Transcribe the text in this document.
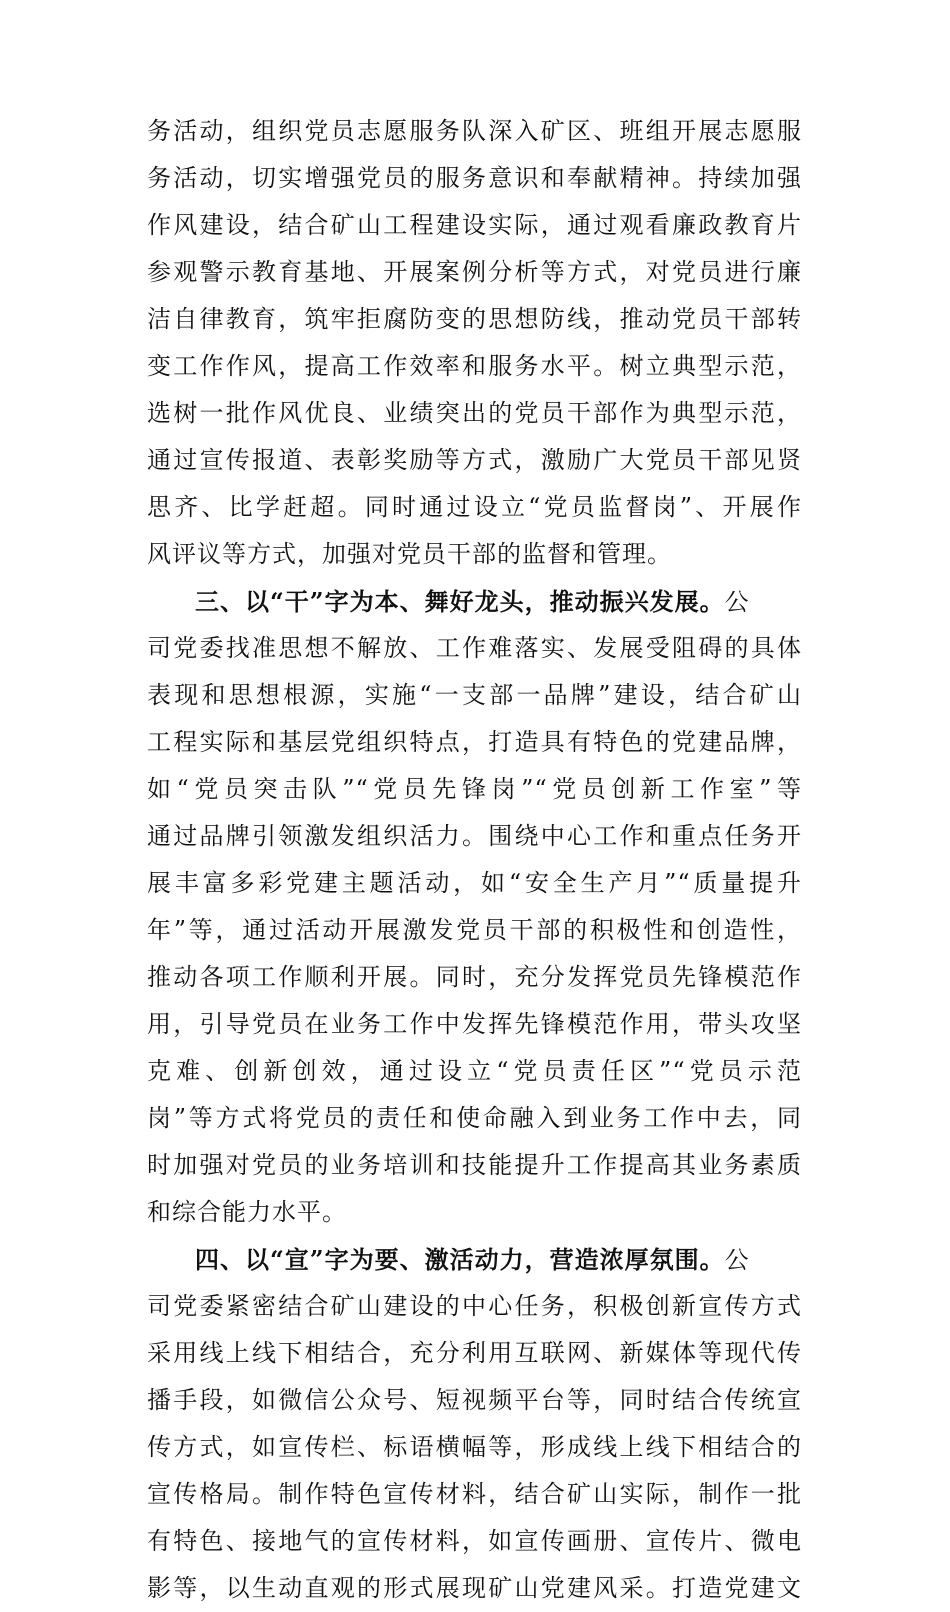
务活动，组织党员志愿服务队深入矿区、班组开展志愿服
务活动，切实增强党员的服务意识和奉献精神。持续加强
作风建设，结合矿山工程建设实际，通过观看廉政教育片
参观警示教育基地、开展案例分析等方式，对党员进行廉
洁自律教育，筑牢拒腐防变的思想防线，推动党员干部转
变工作作风，提高工作效率和服务水平。树立典型示范，
选树一批作风优良、业绩突出的党员干部作为典型示范，
通过宣传报道、表彰奖励等方式，激励广大党员干部见贤
思齐、比学赶超。同时通过设立“党员监督岗”、开展作
风评议等方式，加强对党员干部的监督和管理。
三、以“干”字为本、舞好龙头，推动振兴发展。公
司党委找准思想不解放、工作难落实、发展受阻碍的具体
表现和思想根源，实施“一支部一品牌”建设，结合矿山
工程实际和基层党组织特点，打造具有特色的党建品牌，
如“党员突击队”“党员先锋岗”“党员创新工作室”等
通过品牌引领激发组织活力。围绕中心工作和重点任务开
展丰富多彩党建主题活动，如“安全生产月”“质量提升
年”等，通过活动开展激发党员干部的积极性和创造性，
推动各项工作顺利开展。同时，充分发挥党员先锋模范作
用，引导党员在业务工作中发挥先锋模范作用，带头攻坚
克难、创新创效，通过设立“党员责任区”“党员示范
岗”等方式将党员的责任和使命融入到业务工作中去，同
时加强对党员的业务培训和技能提升工作提高其业务素质
和综合能力水平。
四、以“宣”字为要、激活动力，营造浓厚氛围。公
司党委紧密结合矿山建设的中心任务，积极创新宣传方式
采用线上线下相结合，充分利用互联网、新媒体等现代传
播手段，如微信公众号、短视频平台等，同时结合传统宣
传方式，如宣传栏、标语横幅等，形成线上线下相结合的
宣传格局。制作特色宣传材料，结合矿山实际，制作一批
有特色、接地气的宣传材料，如宣传画册、宣传片、微电
影等，以生动直观的形式展现矿山党建风采。打造党建文
